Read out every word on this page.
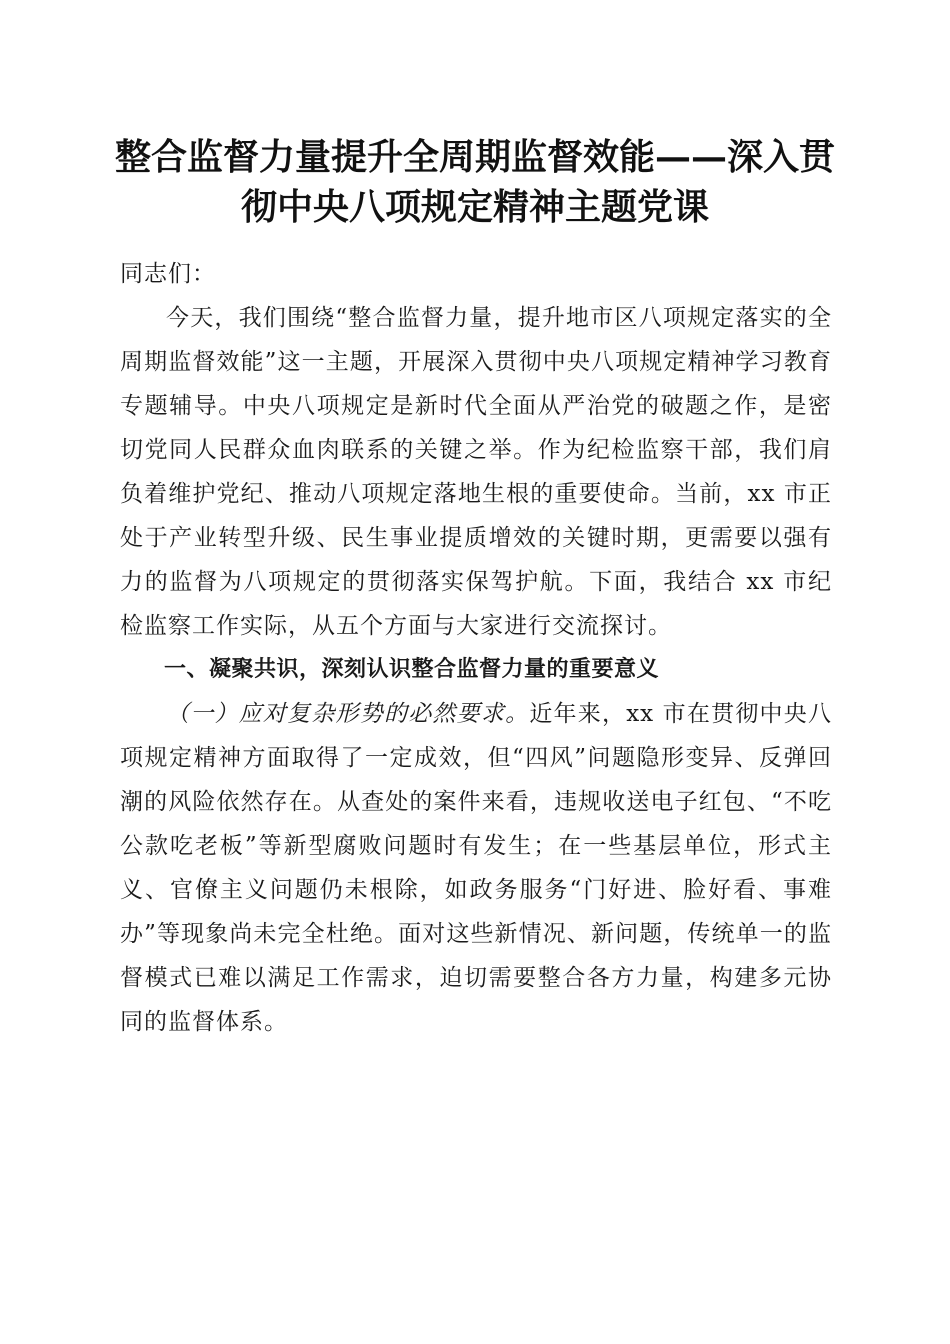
整合监督力量提升全周期监督效能——深入贯
彻中央八项规定精神主题党课

同志们：

今天，我们围绕“整合监督力量，提升地市区八项规定落实的全周期监督效能”这一主题，开展深入贯彻中央八项规定精神学习教育专题辅导。中央八项规定是新时代全面从严治党的破题之作，是密切党同人民群众血肉联系的关键之举。作为纪检监察干部，我们肩负着维护党纪、推动八项规定落地生根的重要使命。当前，xx 市正处于产业转型升级、民生事业提质增效的关键时期，更需要以强有力的监督为八项规定的贯彻落实保驾护航。下面，我结合 xx 市纪检监察工作实际，从五个方面与大家进行交流探讨。

一、凝聚共识，深刻认识整合监督力量的重要意义

（一）应对复杂形势的必然要求。近年来，xx 市在贯彻中央八项规定精神方面取得了一定成效，但“四风”问题隐形变异、反弹回潮的风险依然存在。从查处的案件来看，违规收送电子红包、“不吃公款吃老板”等新型腐败问题时有发生；在一些基层单位，形式主义、官僚主义问题仍未根除，如政务服务“门好进、脸好看、事难办”等现象尚未完全杜绝。面对这些新情况、新问题，传统单一的监督模式已难以满足工作需求，迫切需要整合各方力量，构建多元协同的监督体系。
